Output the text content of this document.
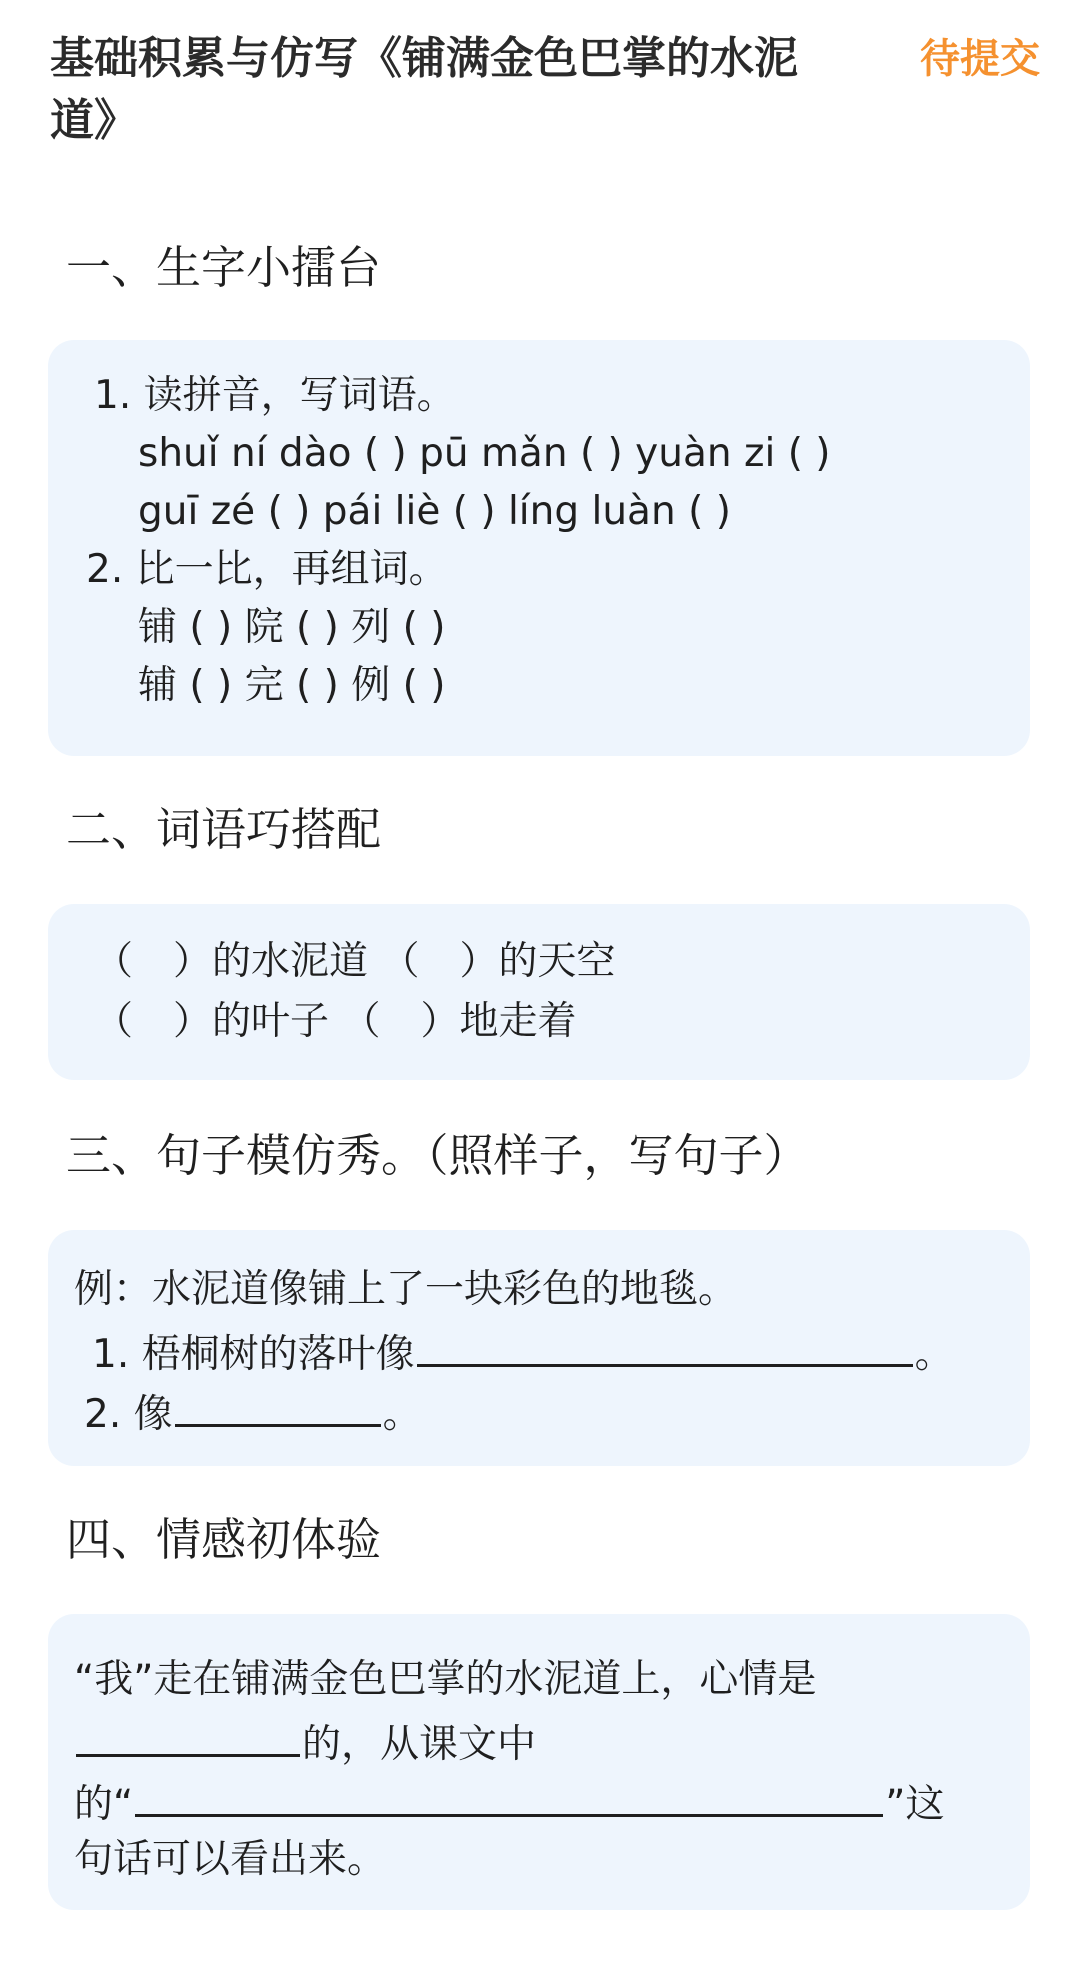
基础积累与仿写《铺满金色巴掌的水泥道》
待提交
一、生字小擂台
1. 读拼音，写词语。
shuǐ ní dào ( ) pū mǎn ( ) yuàn zi ( )
guī zé ( ) pái liè ( ) líng luàn ( )
2. 比一比，再组词。
铺 ( ) 院 ( ) 列 ( )
辅 ( ) 完 ( ) 例 ( )
二、词语巧搭配
（ ）的水泥道 （ ）的天空
（ ）的叶子 （ ）地走着
三、句子模仿秀。（照样子，写句子）
例：水泥道像铺上了一块彩色的地毯。
1. 梧桐树的落叶像	。
2. 像	。
四、情感初体验
“我”走在铺满金色巴掌的水泥道上，心情是
的，从课文中
的“	”这
句话可以看出来。
